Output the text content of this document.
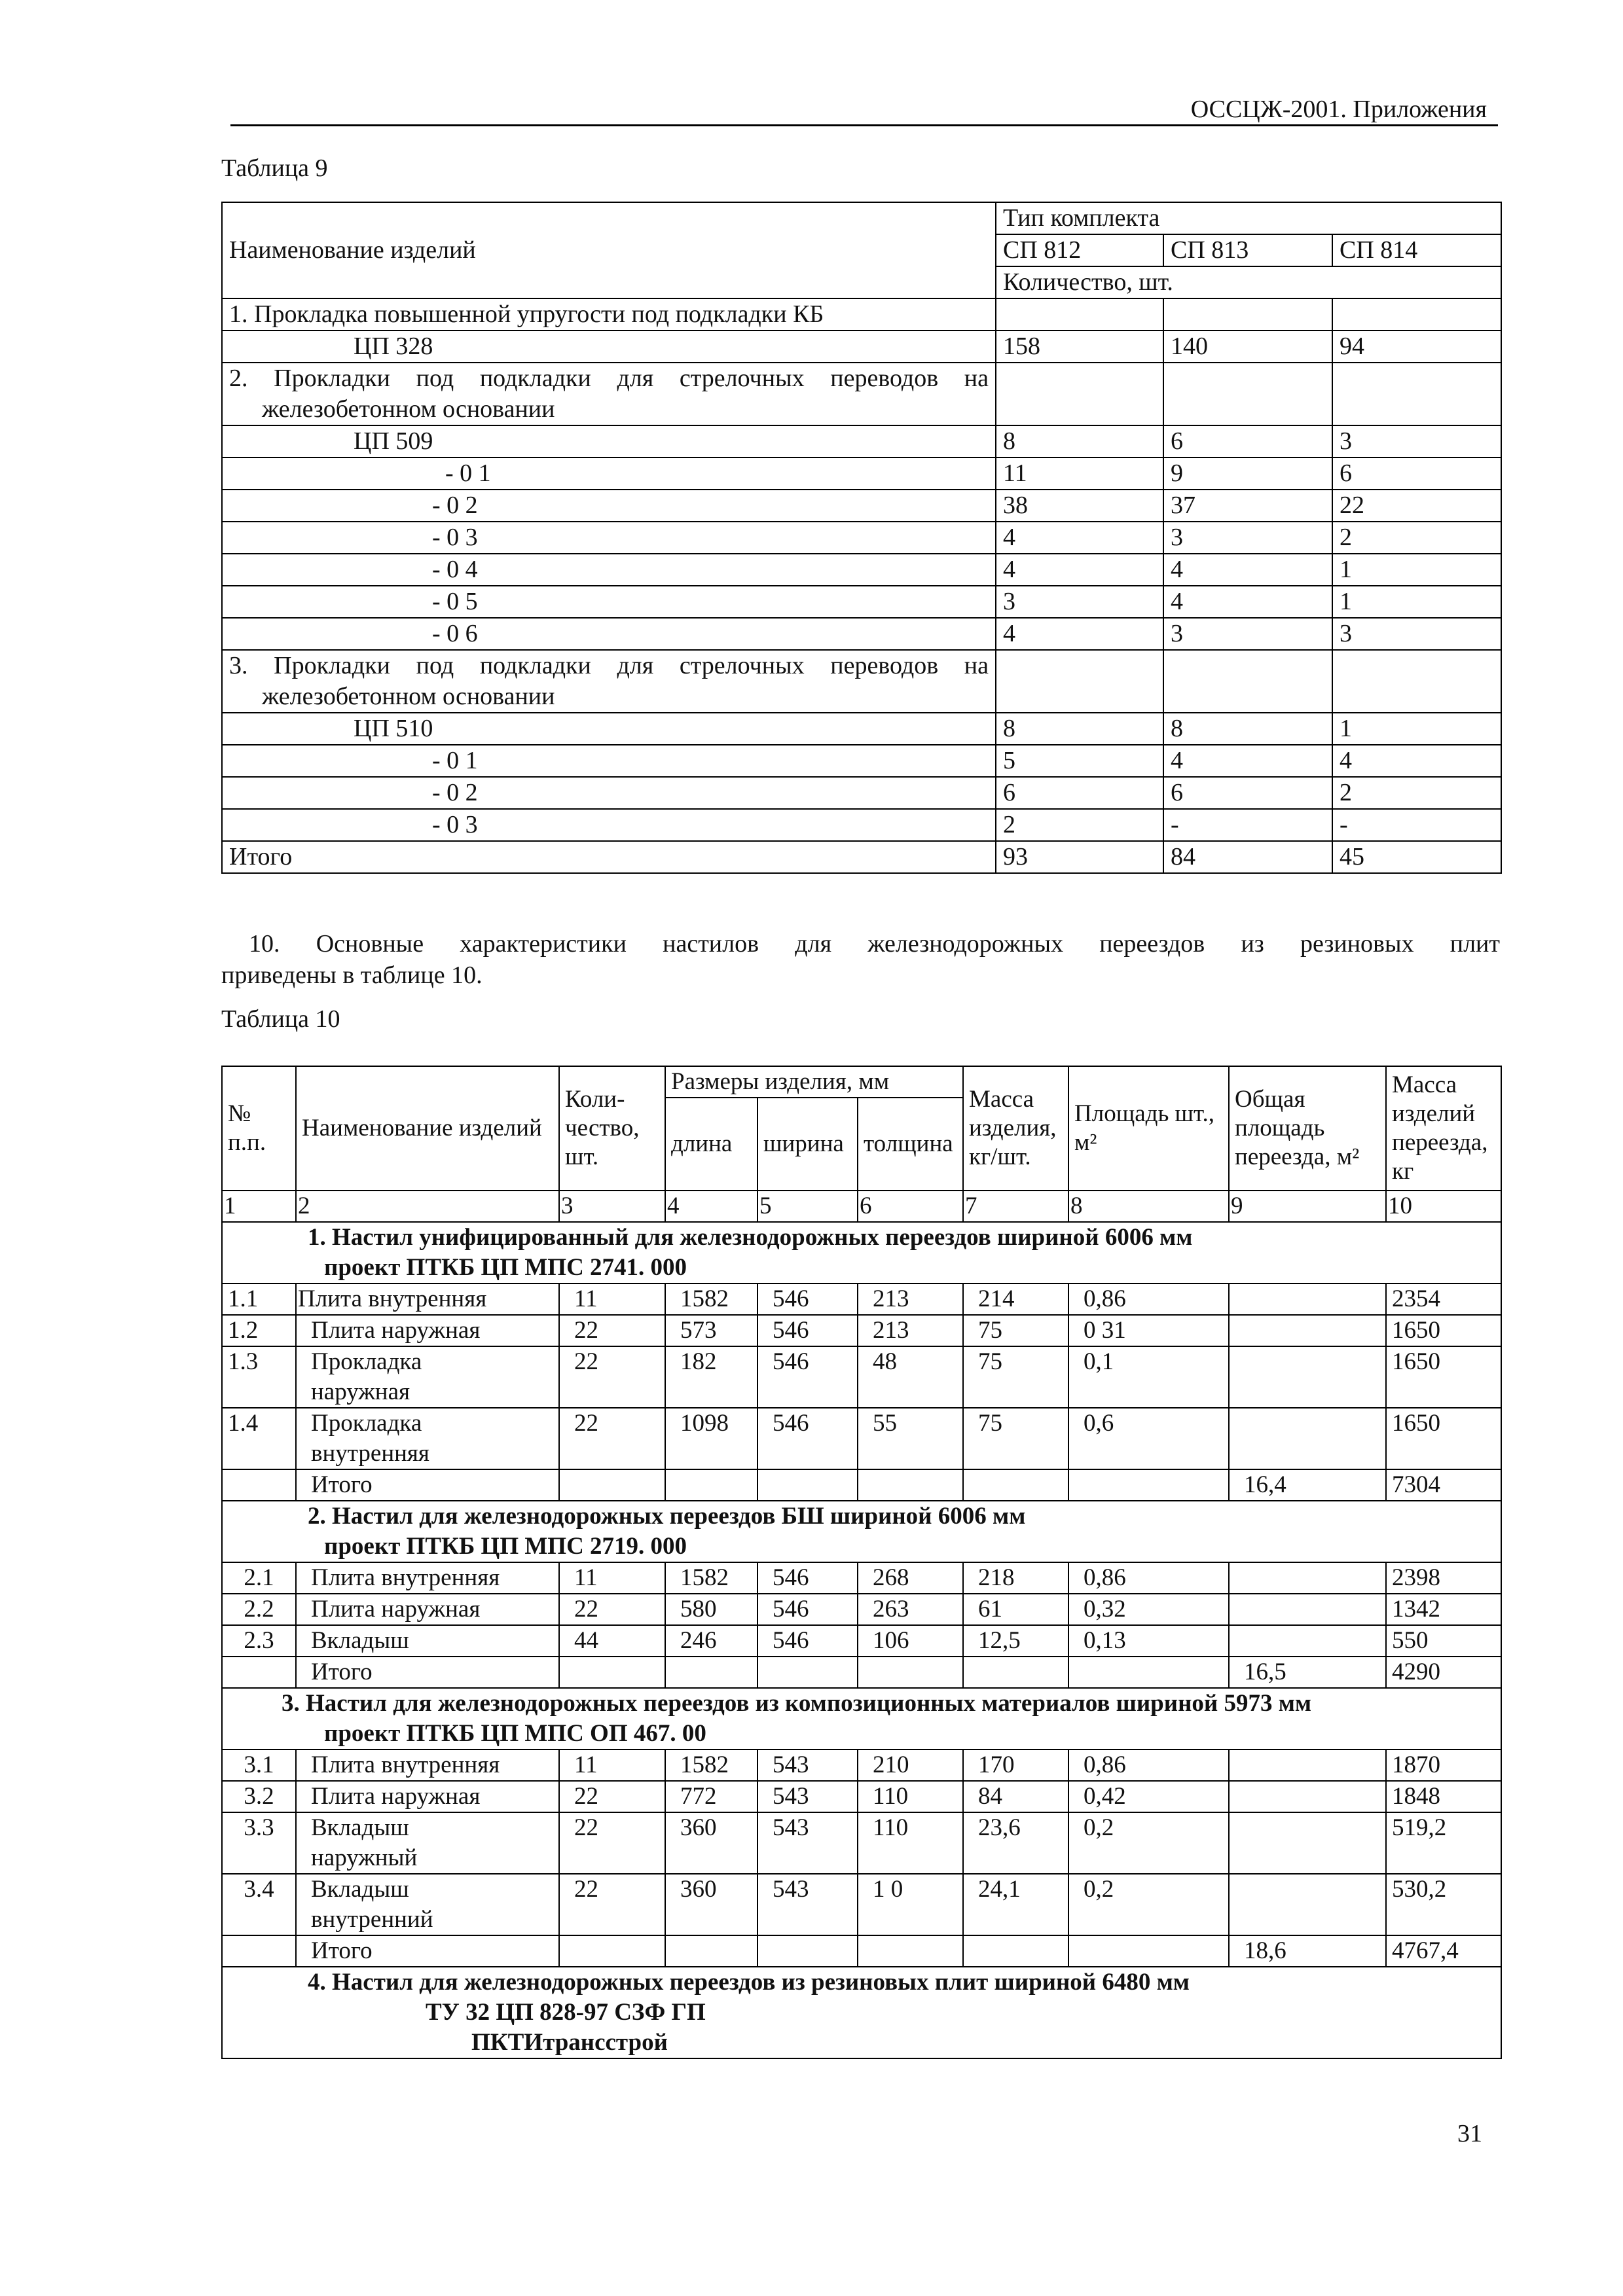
ОССЦЖ-2001. Приложения
Таблица 9
Наименование изделий	Тип комплекта		
	СП 812	СП 813	СП 814
	Количество, шт.		
1. Прокладка повышенной упругости под подкладки КБ			
ЦП 328	158	140	94

2. Прокладки под подкладки для стрелочных переводов на
железобетонном основании			

ЦП 509	8	6	3
- 0 1	11	9	6
- 0 2	38	37	22
- 0 3	4	3	2
- 0 4	4	4	1
- 0 5	3	4	1
- 0 6	4	3	3

3. Прокладки под подкладки для стрелочных переводов на
железобетонном основании			

ЦП 510	8	8	1
- 0 1	5	4	4
- 0 2	6	6	2
- 0 3	2	-	-
Итого	93	84	45
10. Основные характеристики настилов для железнодорожных переездов из резиновых плит
приведены в таблице 10.
Таблица 10
№ п.п.	Наименование изделий	Коли- чество, шт.	Размеры изделия, мм			Масса изделия, кг/шт.	Площадь шт., м²	Общая площадь переезда, м²	Масса изделий переезда, кг
			длина	ширина	толщина				
1	2	3	4	5	6	7	8	9	10

1. Настил унифицированный для железнодорожных переездов шириной 6006 мм
проект ПТКБ ЦП МПС 2741. 000									

1.1	Плита внутренняя	11	1582	546	213	214	0,86		2354
1.2	Плита наружная	22	573	546	213	75	0 31		1650
1.3	Прокладка наружная	22	182	546	48	75	0,1		1650
1.4	Прокладка внутренняя	22	1098	546	55	75	0,6		1650
	Итого							16,4	7304

2. Настил для железнодорожных переездов БШ шириной 6006 мм
проект ПТКБ ЦП МПС 2719. 000									

2.1	Плита внутренняя	11	1582	546	268	218	0,86		2398
2.2	Плита наружная	22	580	546	263	61	0,32		1342
2.3	Вкладыш	44	246	546	106	12,5	0,13		550
	Итого							16,5	4290

3. Настил для железнодорожных переездов из композиционных материалов шириной 5973 мм
проект ПТКБ ЦП МПС ОП 467. 00									

3.1	Плита внутренняя	11	1582	543	210	170	0,86		1870
3.2	Плита наружная	22	772	543	110	84	0,42		1848
3.3	Вкладыш наружный	22	360	543	110	23,6	0,2		519,2
3.4	Вкладыш внутренний	22	360	543	1 0	24,1	0,2		530,2
	Итого							18,6	4767,4

4. Настил для железнодорожных переездов из резиновых плит шириной 6480 мм
ТУ 32 ЦП 828-97 СЗФ ГП
ПКТИтрансстрой									
31
